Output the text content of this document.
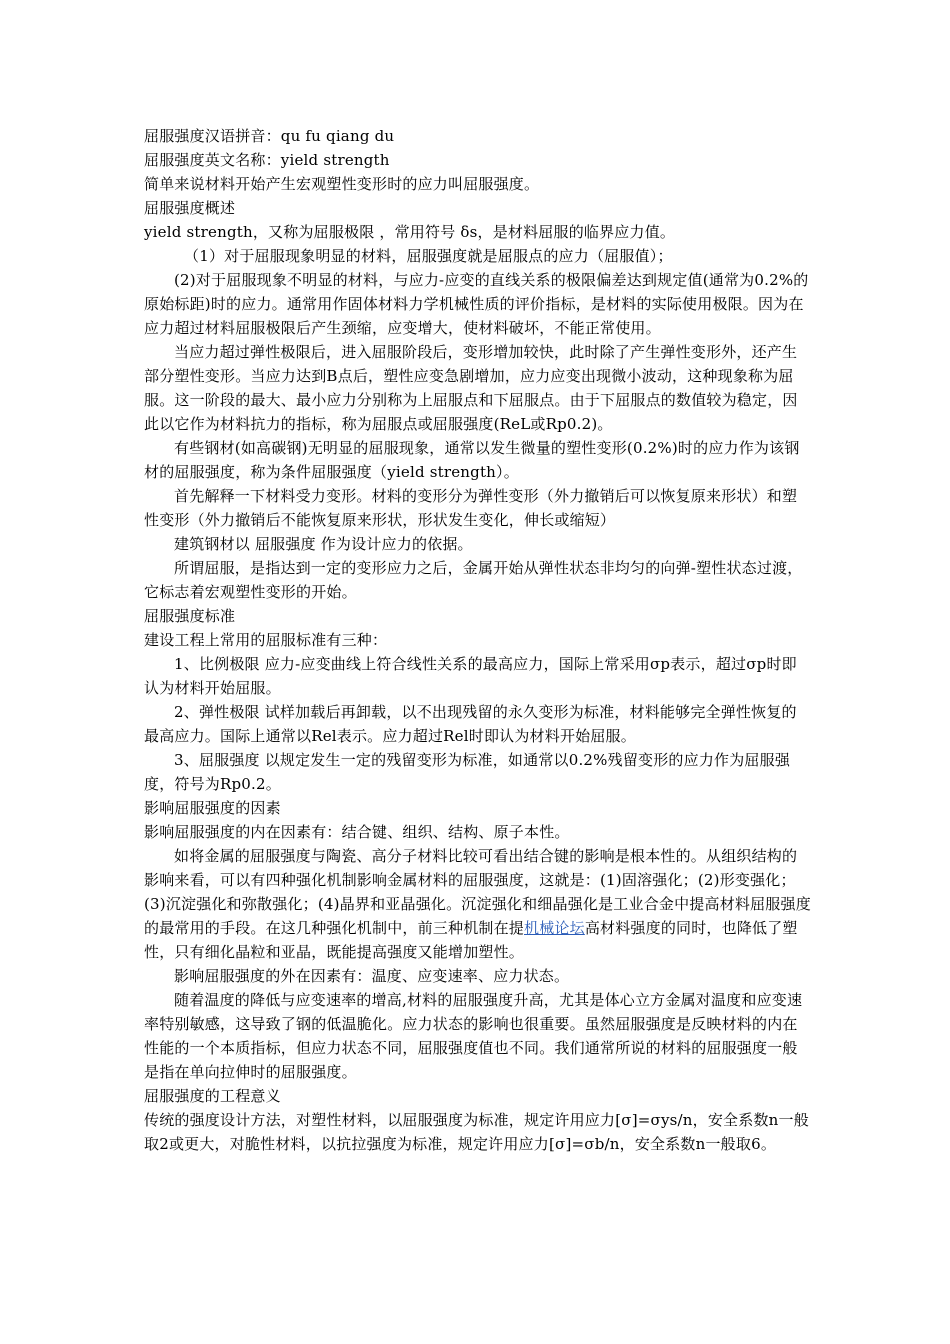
屈服强度汉语拼音：qu fu qiang du

屈服强度英文名称：yield strength

简单来说材料开始产生宏观塑性变形时的应力叫屈服强度。

屈服强度概述

yield strength，又称为屈服极限 ，常用符号 δs，是材料屈服的临界应力值。

（1）对于屈服现象明显的材料，屈服强度就是屈服点的应力（屈服值）；

(2)对于屈服现象不明显的材料，与应力-应变的直线关系的极限偏差达到规定值(通常为0.2%的原始标距)时的应力。通常用作固体材料力学机械性质的评价指标，是材料的实际使用极限。因为在应力超过材料屈服极限后产生颈缩，应变增大，使材料破坏，不能正常使用。

当应力超过弹性极限后，进入屈服阶段后，变形增加较快，此时除了产生弹性变形外，还产生部分塑性变形。当应力达到B点后，塑性应变急剧增加，应力应变出现微小波动，这种现象称为屈服。这一阶段的最大、最小应力分别称为上屈服点和下屈服点。由于下屈服点的数值较为稳定，因此以它作为材料抗力的指标，称为屈服点或屈服强度(ReL或Rp0.2)。

有些钢材(如高碳钢)无明显的屈服现象，通常以发生微量的塑性变形(0.2%)时的应力作为该钢材的屈服强度，称为条件屈服强度（yield strength）。

首先解释一下材料受力变形。材料的变形分为弹性变形（外力撤销后可以恢复原来形状）和塑性变形（外力撤销后不能恢复原来形状，形状发生变化，伸长或缩短）

建筑钢材以 屈服强度 作为设计应力的依据。

所谓屈服，是指达到一定的变形应力之后，金属开始从弹性状态非均匀的向弹-塑性状态过渡，它标志着宏观塑性变形的开始。

屈服强度标准

建设工程上常用的屈服标准有三种：

1、比例极限 应力-应变曲线上符合线性关系的最高应力，国际上常采用σp表示，超过σp时即认为材料开始屈服。

2、弹性极限 试样加载后再卸载，以不出现残留的永久变形为标准，材料能够完全弹性恢复的最高应力。国际上通常以Rel表示。应力超过Rel时即认为材料开始屈服。

3、屈服强度 以规定发生一定的残留变形为标准，如通常以0.2%残留变形的应力作为屈服强度，符号为Rp0.2。

影响屈服强度的因素

影响屈服强度的内在因素有：结合键、组织、结构、原子本性。

如将金属的屈服强度与陶瓷、高分子材料比较可看出结合键的影响是根本性的。从组织结构的影响来看，可以有四种强化机制影响金属材料的屈服强度，这就是：(1)固溶强化；(2)形变强化；(3)沉淀强化和弥散强化；(4)晶界和亚晶强化。沉淀强化和细晶强化是工业合金中提高材料屈服强度的最常用的手段。在这几种强化机制中，前三种机制在提机械论坛高材料强度的同时，也降低了塑性，只有细化晶粒和亚晶，既能提高强度又能增加塑性。

影响屈服强度的外在因素有：温度、应变速率、应力状态。

随着温度的降低与应变速率的增高,材料的屈服强度升高，尤其是体心立方金属对温度和应变速率特别敏感，这导致了钢的低温脆化。应力状态的影响也很重要。虽然屈服强度是反映材料的内在性能的一个本质指标，但应力状态不同，屈服强度值也不同。我们通常所说的材料的屈服强度一般是指在单向拉伸时的屈服强度。

屈服强度的工程意义

传统的强度设计方法，对塑性材料，以屈服强度为标准，规定许用应力[σ]=σys/n，安全系数n一般取2或更大，对脆性材料，以抗拉强度为标准，规定许用应力[σ]=σb/n，安全系数n一般取6。
